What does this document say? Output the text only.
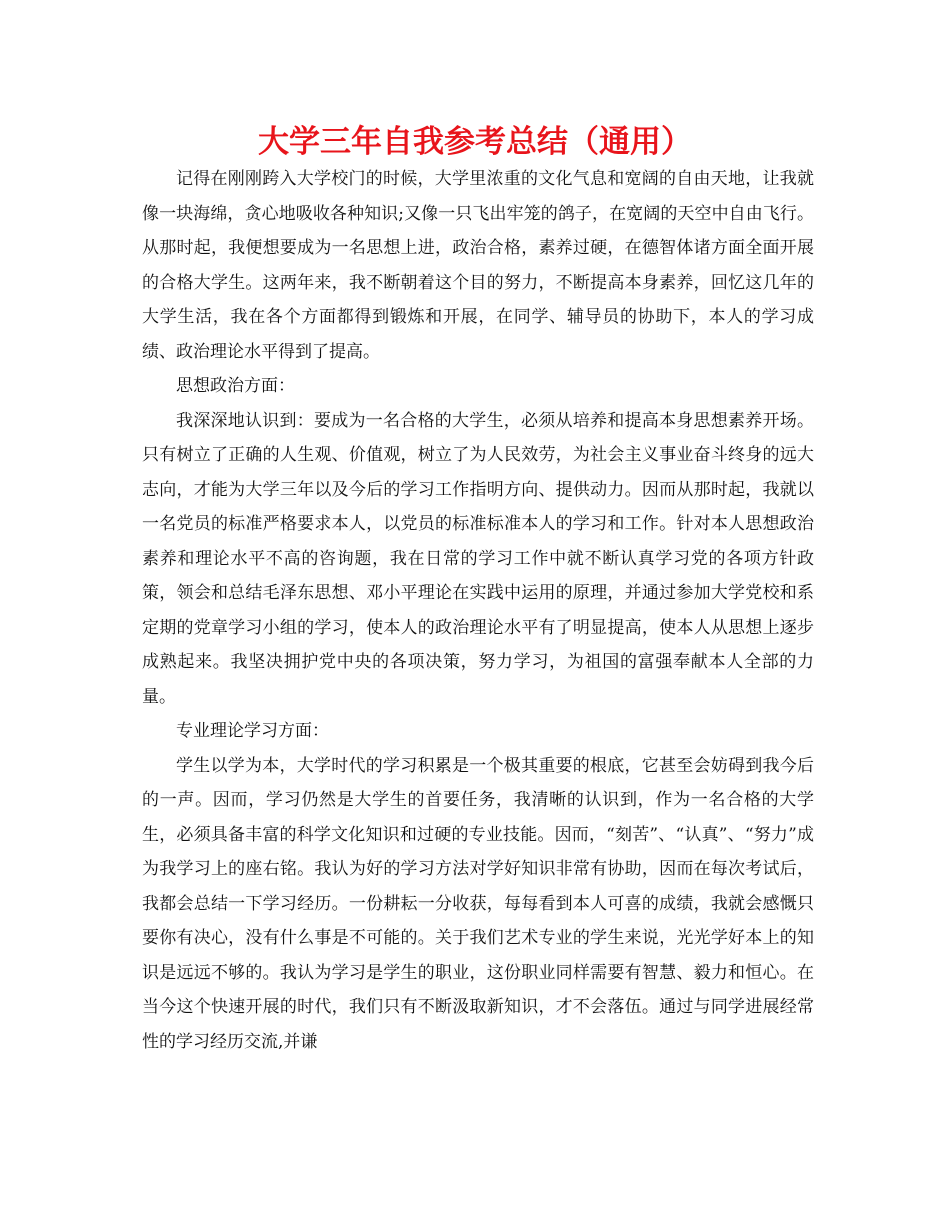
大学三年自我参考总结（通用）

记得在刚刚跨入大学校门的时候，大学里浓重的文化气息和宽阔的自由天地，让我就像一块海绵，贪心地吸收各种知识;又像一只飞出牢笼的鸽子，在宽阔的天空中自由飞行。从那时起，我便想要成为一名思想上进，政治合格，素养过硬，在德智体诸方面全面开展的合格大学生。这两年来，我不断朝着这个目的努力，不断提高本身素养，回忆这几年的大学生活，我在各个方面都得到锻炼和开展，在同学、辅导员的协助下，本人的学习成绩、政治理论水平得到了提高。

思想政治方面：

我深深地认识到：要成为一名合格的大学生，必须从培养和提高本身思想素养开场。只有树立了正确的人生观、价值观，树立了为人民效劳，为社会主义事业奋斗终身的远大志向，才能为大学三年以及今后的学习工作指明方向、提供动力。因而从那时起，我就以一名党员的标准严格要求本人，以党员的标准标准本人的学习和工作。针对本人思想政治素养和理论水平不高的咨询题，我在日常的学习工作中就不断认真学习党的各项方针政策，领会和总结毛泽东思想、邓小平理论在实践中运用的原理，并通过参加大学党校和系定期的党章学习小组的学习，使本人的政治理论水平有了明显提高，使本人从思想上逐步成熟起来。我坚决拥护党中央的各项决策，努力学习，为祖国的富强奉献本人全部的力量。

专业理论学习方面：

学生以学为本，大学时代的学习积累是一个极其重要的根底，它甚至会妨碍到我今后的一声。因而，学习仍然是大学生的首要任务，我清晰的认识到，作为一名合格的大学生，必须具备丰富的科学文化知识和过硬的专业技能。因而，“刻苦”、“认真”、“努力”成为我学习上的座右铭。我认为好的学习方法对学好知识非常有协助，因而在每次考试后，我都会总结一下学习经历。一份耕耘一分收获，每每看到本人可喜的成绩，我就会感慨只要你有决心，没有什么事是不可能的。关于我们艺术专业的学生来说，光光学好本上的知识是远远不够的。我认为学习是学生的职业，这份职业同样需要有智慧、毅力和恒心。在当今这个快速开展的时代，我们只有不断汲取新知识，才不会落伍。通过与同学进展经常性的学习经历交流,并谦
